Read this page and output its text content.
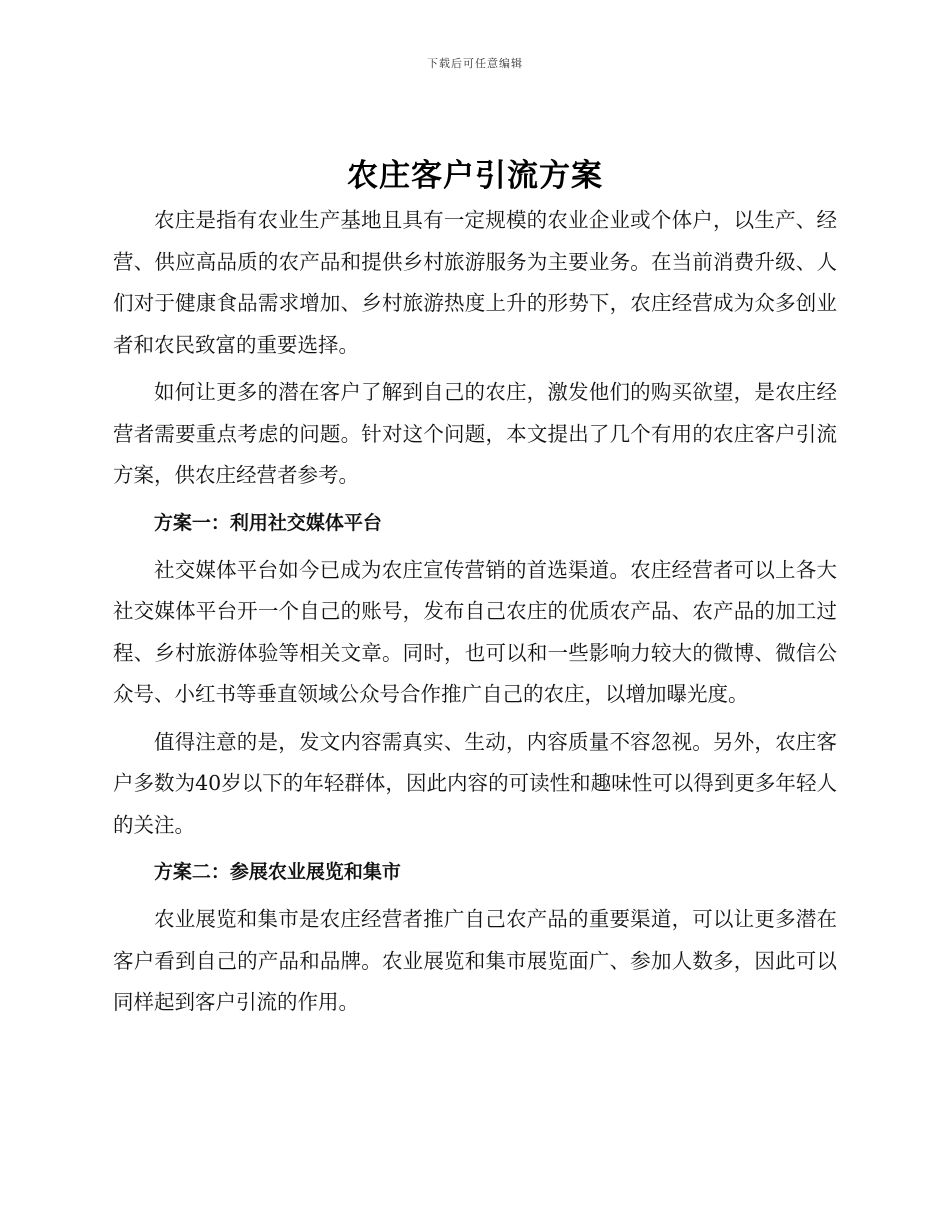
下载后可任意编辑
农庄客户引流方案

农庄是指有农业生产基地且具有一定规模的农业企业或个体户，以生产、经营、供应高品质的农产品和提供乡村旅游服务为主要业务。在当前消费升级、人们对于健康食品需求增加、乡村旅游热度上升的形势下，农庄经营成为众多创业者和农民致富的重要选择。

如何让更多的潜在客户了解到自己的农庄，激发他们的购买欲望，是农庄经营者需要重点考虑的问题。针对这个问题，本文提出了几个有用的农庄客户引流方案，供农庄经营者参考。

方案一：利用社交媒体平台

社交媒体平台如今已成为农庄宣传营销的首选渠道。农庄经营者可以上各大社交媒体平台开一个自己的账号，发布自己农庄的优质农产品、农产品的加工过程、乡村旅游体验等相关文章。同时，也可以和一些影响力较大的微博、微信公众号、小红书等垂直领域公众号合作推广自己的农庄，以增加曝光度。

值得注意的是，发文内容需真实、生动，内容质量不容忽视。另外，农庄客户多数为40岁以下的年轻群体，因此内容的可读性和趣味性可以得到更多年轻人的关注。

方案二：参展农业展览和集市

农业展览和集市是农庄经营者推广自己农产品的重要渠道，可以让更多潜在客户看到自己的产品和品牌。农业展览和集市展览面广、参加人数多，因此可以同样起到客户引流的作用。
